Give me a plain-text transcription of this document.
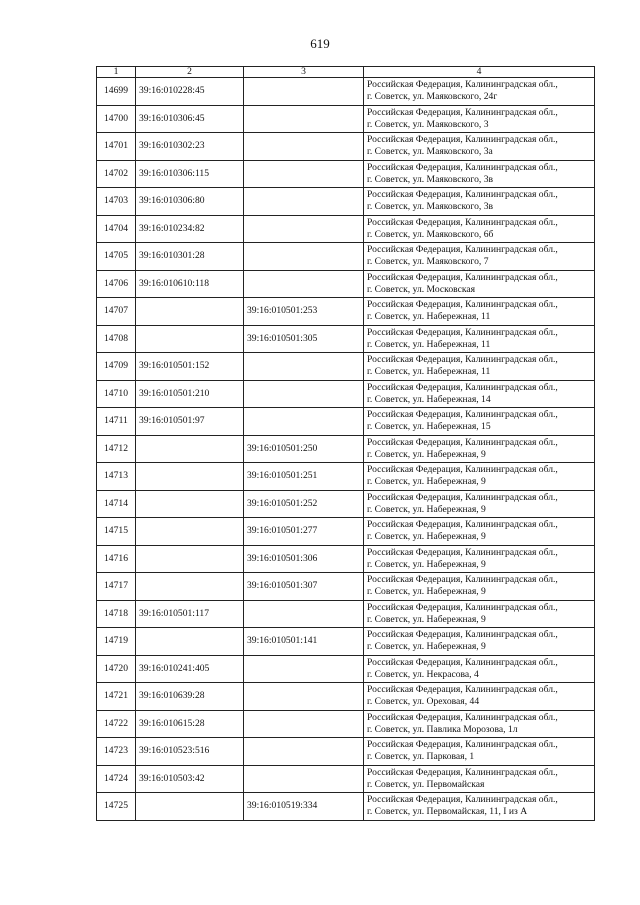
619
1	2	3	4
14699	39:16:010228:45		Российская Федерация, Калининградская обл.,
г. Советск, ул. Маяковского, 24г

14700	39:16:010306:45		Российская Федерация, Калининградская обл.,
г. Советск, ул. Маяковского, 3

14701	39:16:010302:23		Российская Федерация, Калининградская обл.,
г. Советск, ул. Маяковского, 3а

14702	39:16:010306:115		Российская Федерация, Калининградская обл.,
г. Советск, ул. Маяковского, 3в

14703	39:16:010306:80		Российская Федерация, Калининградская обл.,
г. Советск, ул. Маяковского, 3в

14704	39:16:010234:82		Российская Федерация, Калининградская обл.,
г. Советск, ул. Маяковского, 6б

14705	39:16:010301:28		Российская Федерация, Калининградская обл.,
г. Советск, ул. Маяковского, 7

14706	39:16:010610:118		Российская Федерация, Калининградская обл.,
г. Советск, ул. Московская

14707		39:16:010501:253	Российская Федерация, Калининградская обл.,
г. Советск, ул. Набережная, 11

14708		39:16:010501:305	Российская Федерация, Калининградская обл.,
г. Советск, ул. Набережная, 11

14709	39:16:010501:152		Российская Федерация, Калининградская обл.,
г. Советск, ул. Набережная, 11

14710	39:16:010501:210		Российская Федерация, Калининградская обл.,
г. Советск, ул. Набережная, 14

14711	39:16:010501:97		Российская Федерация, Калининградская обл.,
г. Советск, ул. Набережная, 15

14712		39:16:010501:250	Российская Федерация, Калининградская обл.,
г. Советск, ул. Набережная, 9

14713		39:16:010501:251	Российская Федерация, Калининградская обл.,
г. Советск, ул. Набережная, 9

14714		39:16:010501:252	Российская Федерация, Калининградская обл.,
г. Советск, ул. Набережная, 9

14715		39:16:010501:277	Российская Федерация, Калининградская обл.,
г. Советск, ул. Набережная, 9

14716		39:16:010501:306	Российская Федерация, Калининградская обл.,
г. Советск, ул. Набережная, 9

14717		39:16:010501:307	Российская Федерация, Калининградская обл.,
г. Советск, ул. Набережная, 9

14718	39:16:010501:117		Российская Федерация, Калининградская обл.,
г. Советск, ул. Набережная, 9

14719		39:16:010501:141	Российская Федерация, Калининградская обл.,
г. Советск, ул. Набережная, 9

14720	39:16:010241:405		Российская Федерация, Калининградская обл.,
г. Советск, ул. Некрасова, 4

14721	39:16:010639:28		Российская Федерация, Калининградская обл.,
г. Советск, ул. Ореховая, 44

14722	39:16:010615:28		Российская Федерация, Калининградская обл.,
г. Советск, ул. Павлика Морозова, 1л

14723	39:16:010523:516		Российская Федерация, Калининградская обл.,
г. Советск, ул. Парковая, 1

14724	39:16:010503:42		Российская Федерация, Калининградская обл.,
г. Советск, ул. Первомайская

14725		39:16:010519:334	Российская Федерация, Калининградская обл.,
г. Советск, ул. Первомайская, 11, I из А
